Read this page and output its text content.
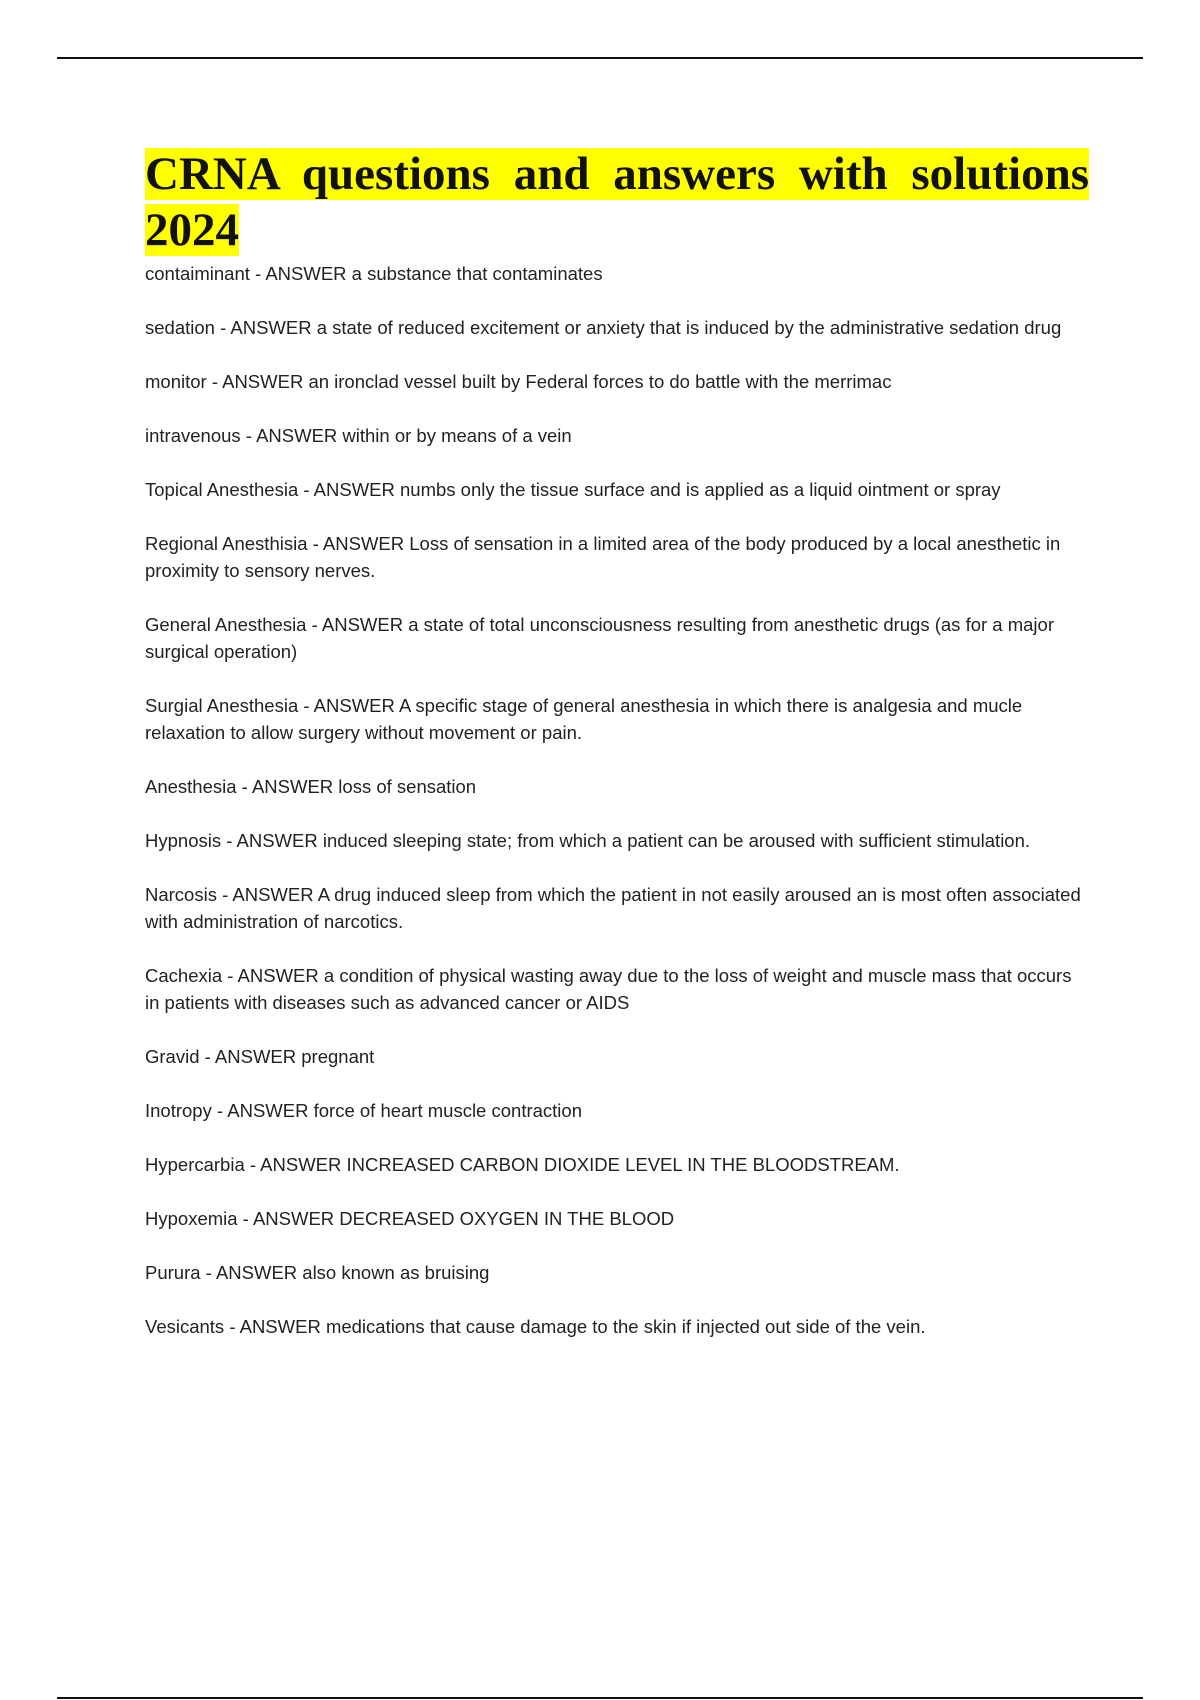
CRNA questions and answers with solutions 2024
contaiminant - ANSWER a substance that contaminates
sedation - ANSWER a state of reduced excitement or anxiety that is induced by the administrative sedation drug
monitor - ANSWER an ironclad vessel built by Federal forces to do battle with the merrimac
intravenous - ANSWER within or by means of a vein
Topical Anesthesia - ANSWER numbs only the tissue surface and is applied as a liquid ointment or spray
Regional Anesthisia - ANSWER Loss of sensation in a limited area of the body produced by a local anesthetic in proximity to sensory nerves.
General Anesthesia - ANSWER a state of total unconsciousness resulting from anesthetic drugs (as for a major surgical operation)
Surgial Anesthesia - ANSWER A specific stage of general anesthesia in which there is analgesia and mucle relaxation to allow surgery without movement or pain.
Anesthesia - ANSWER loss of sensation
Hypnosis - ANSWER induced sleeping state; from which a patient can be aroused with sufficient stimulation.
Narcosis - ANSWER A drug induced sleep from which the patient in not easily aroused an is most often associated with administration of narcotics.
Cachexia - ANSWER a condition of physical wasting away due to the loss of weight and muscle mass that occurs in patients with diseases such as advanced cancer or AIDS
Gravid - ANSWER pregnant
Inotropy - ANSWER force of heart muscle contraction
Hypercarbia - ANSWER INCREASED CARBON DIOXIDE LEVEL IN THE BLOODSTREAM.
Hypoxemia - ANSWER DECREASED OXYGEN IN THE BLOOD
Purura - ANSWER also known as bruising
Vesicants - ANSWER medications that cause damage to the skin if injected out side of the vein.
